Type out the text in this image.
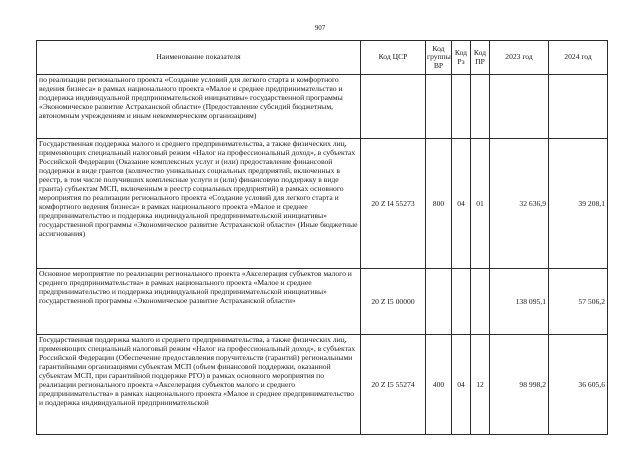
907
Наименование показателя	Код ЦСР	Код группы ВР	Код Рз	Код ПР	2023 год	2024 год
по реализации регионального проекта «Создание условий для легкого старта и комфортного ведения бизнеса» в рамках национального проекта «Малое и среднее предпринимательство и поддержка индивидуальной предпринимательской инициативы» государственной программы «Экономическое развитие Астраханской области» (Предоставление субсидий бюджетным, автономным учреждениям и иным некоммерческим организациям)						
Государственная поддержка малого и среднего предпринимательства, а также физических лиц, применяющих специальный налоговый режим «Налог на профессиональный доход», в субъектах Российской Федерации (Оказание комплексных услуг и (или) предоставление финансовой поддержки в виде грантов (количество уникальных социальных предприятий, включенных в реестр, в том числе получивших комплексные услуги и (или) финансовую поддержку в виде гранта) субъектам МСП, включенным в реестр социальных предприятий) в рамках основного мероприятия по реализации регионального проекта «Создание условий для легкого старта и комфортного ведения бизнеса» в рамках национального проекта «Малое и среднее предпринимательство и поддержка индивидуальной предпринимательской инициативы» государственной программы «Экономическое развитие Астраханской области» (Иные бюджетные ассигнования)	20 Z I4 55273	800	04	01	32 636,9	39 208,1
Основное мероприятие по реализации регионального проекта «Акселерация субъектов малого и среднего предпринимательства» в рамках национального проекта «Малое и среднее предпринимательство и поддержка индивидуальной предпринимательской инициативы» государственной программы «Экономическое развитие Астраханской области»	20 Z I5 00000				138 095,1	57 506,2
Государственная поддержка малого и среднего предпринимательства, а также физических лиц, применяющих специальный налоговый режим «Налог на профессиональный доход», в субъектах Российской Федерации (Обеспечение предоставления поручительств (гарантий) региональными гарантийными организациями субъектам МСП (объем финансовой поддержки, оказанной субъектам МСП, при гарантийной поддержке РГО) в рамках основного мероприятия по реализации регионального проекта «Акселерация субъектов малого и среднего предпринимательства» в рамках национального проекта «Малое и среднее предпринимательство и поддержка индивидуальной предпринимательской	20 Z I5 55274	400	04	12	98 998,2	36 605,6
